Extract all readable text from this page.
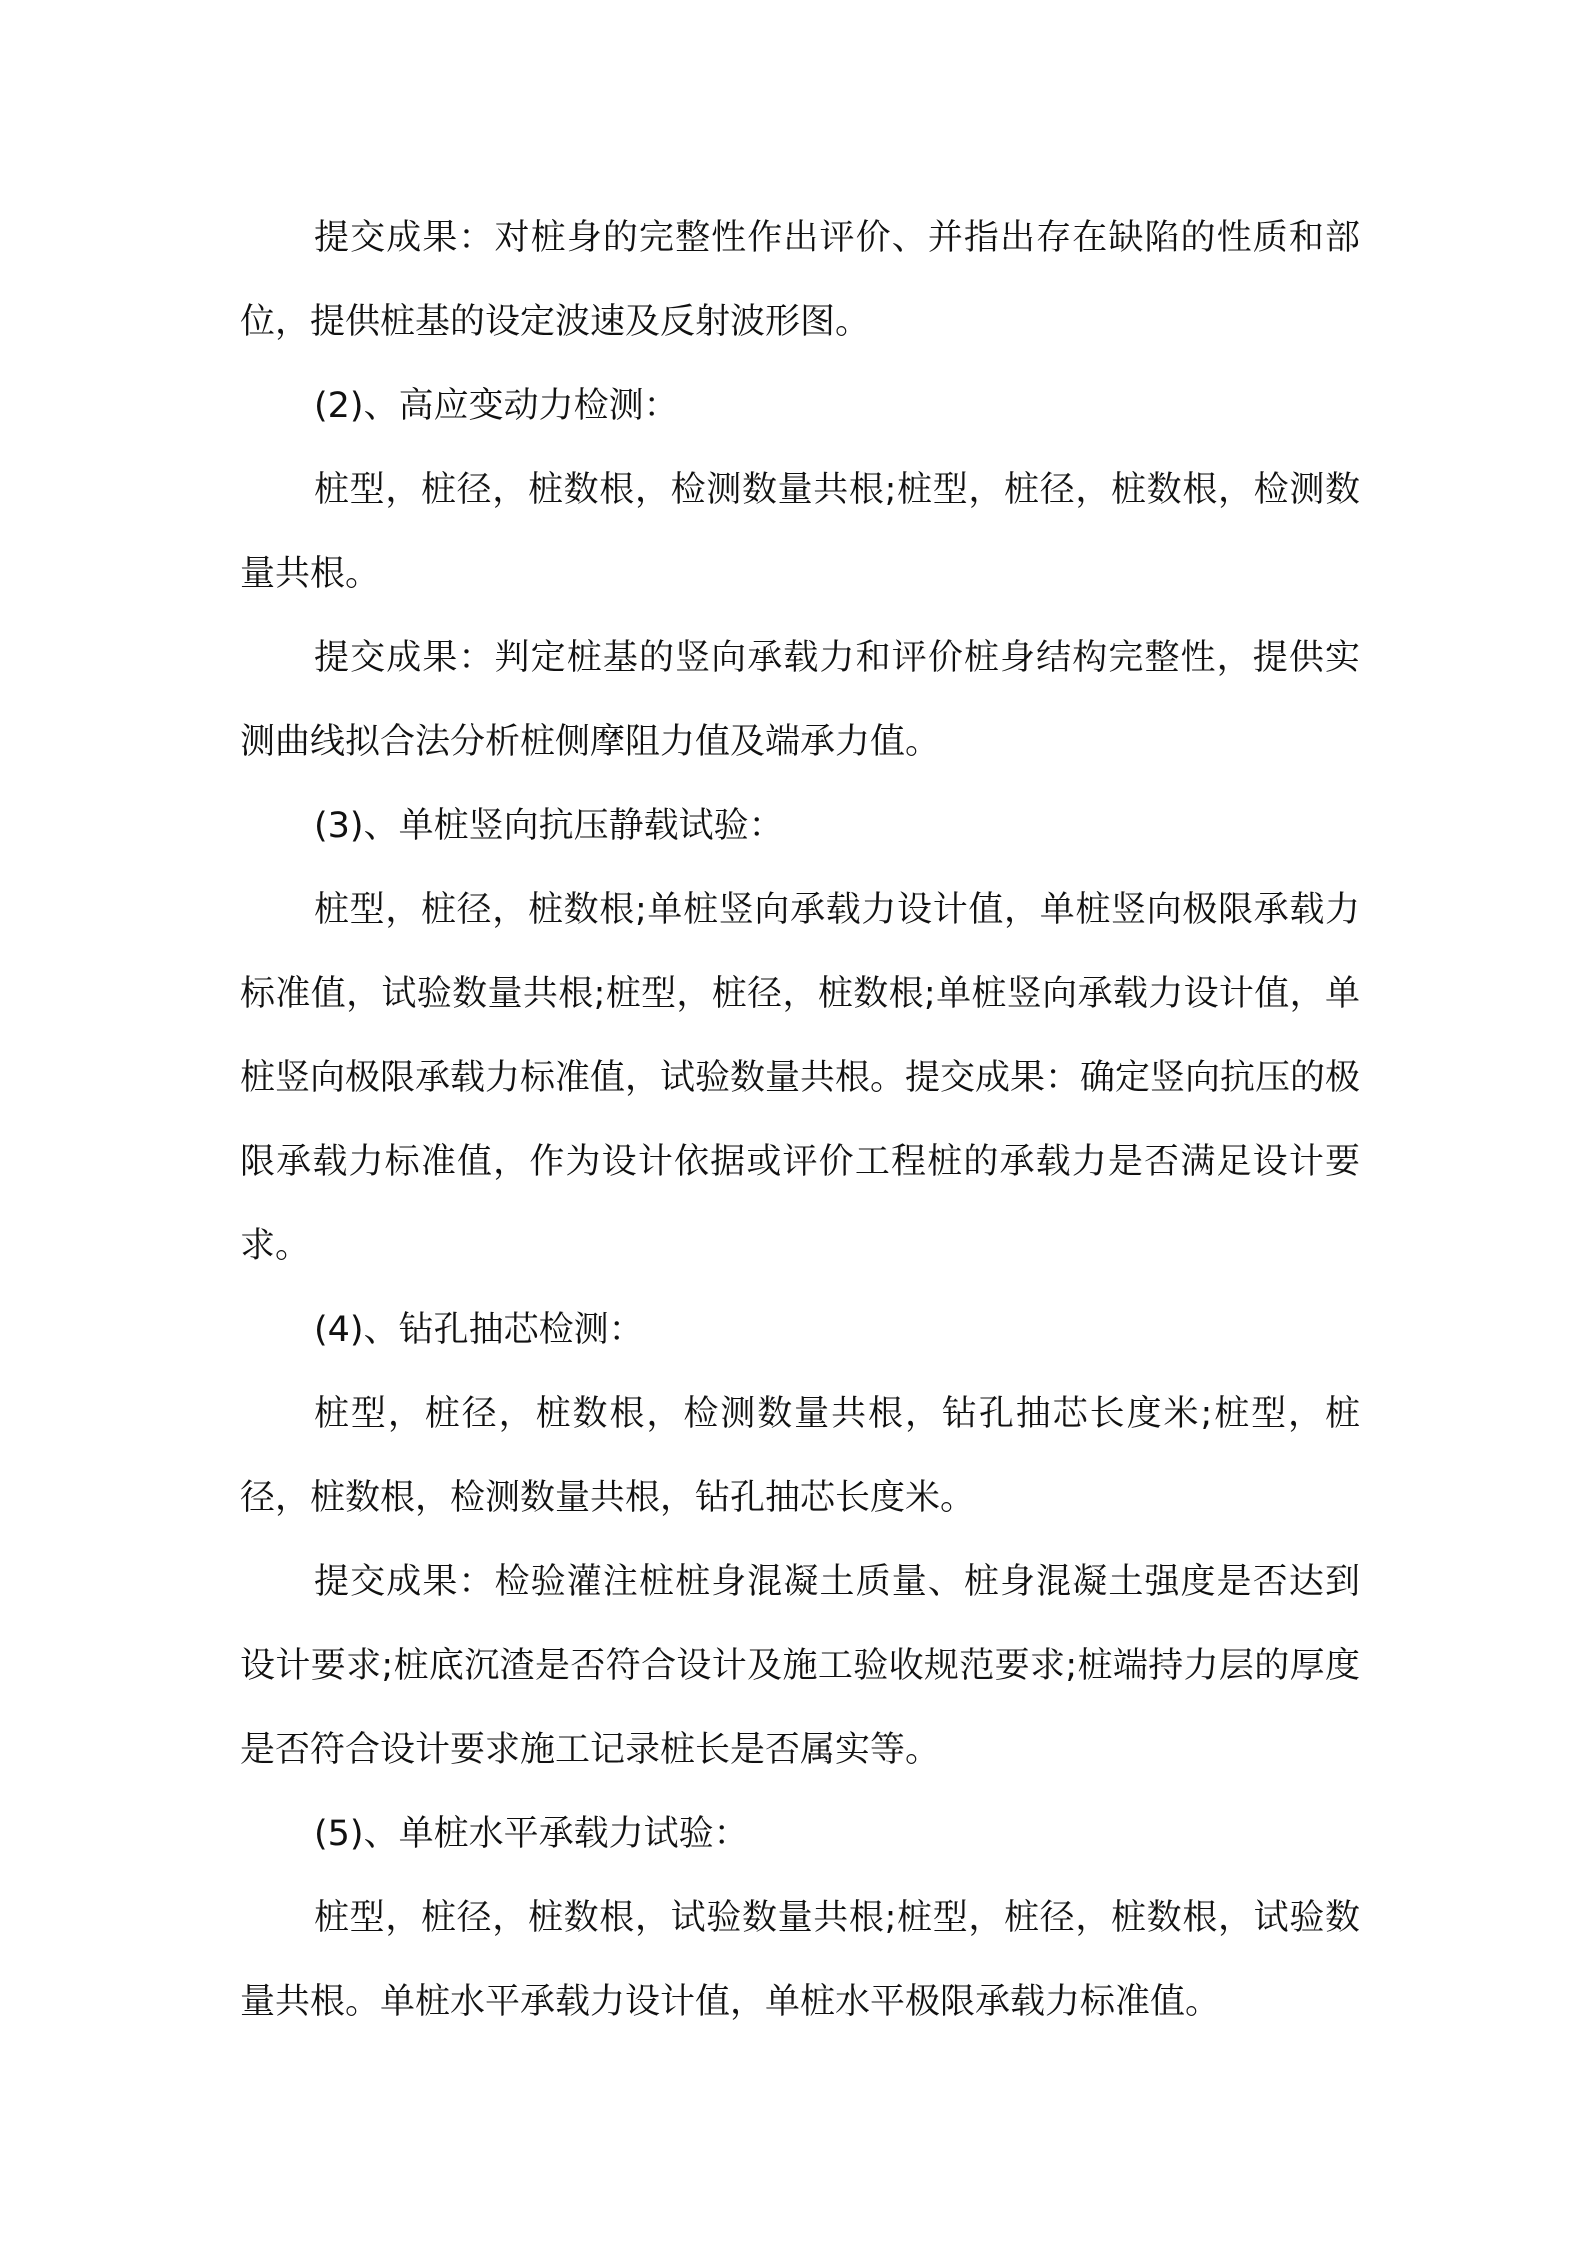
提交成果：对桩身的完整性作出评价、并指出存在缺陷的性质和部位，提供桩基的设定波速及反射波形图。

(2)、高应变动力检测：

桩型，桩径，桩数根，检测数量共根;桩型，桩径，桩数根，检测数量共根。

提交成果：判定桩基的竖向承载力和评价桩身结构完整性，提供实测曲线拟合法分析桩侧摩阻力值及端承力值。

(3)、单桩竖向抗压静载试验：

桩型，桩径，桩数根;单桩竖向承载力设计值，单桩竖向极限承载力标准值，试验数量共根;桩型，桩径，桩数根;单桩竖向承载力设计值，单桩竖向极限承载力标准值，试验数量共根。提交成果：确定竖向抗压的极限承载力标准值，作为设计依据或评价工程桩的承载力是否满足设计要求。

(4)、钻孔抽芯检测：

桩型，桩径，桩数根，检测数量共根，钻孔抽芯长度米;桩型，桩径，桩数根，检测数量共根，钻孔抽芯长度米。

提交成果：检验灌注桩桩身混凝土质量、桩身混凝土强度是否达到设计要求;桩底沉渣是否符合设计及施工验收规范要求;桩端持力层的厚度是否符合设计要求施工记录桩长是否属实等。

(5)、单桩水平承载力试验：

桩型，桩径，桩数根，试验数量共根;桩型，桩径，桩数根，试验数量共根。单桩水平承载力设计值，单桩水平极限承载力标准值。
